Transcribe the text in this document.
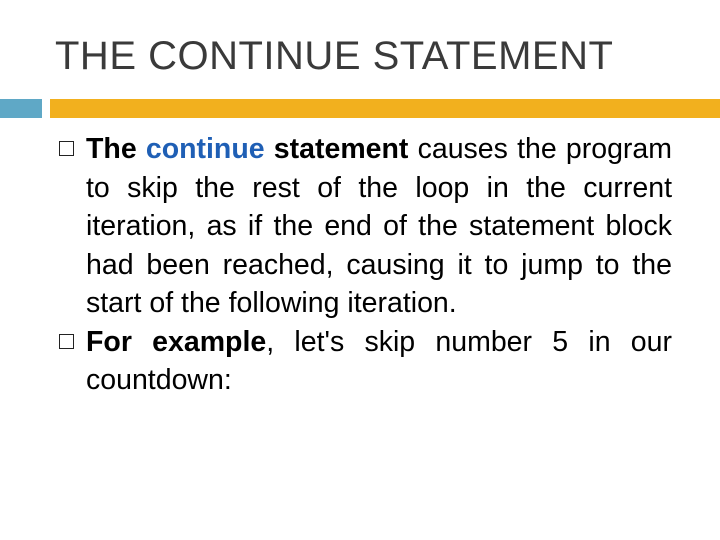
THE CONTINUE STATEMENT
The continue statement causes the program to skip the rest of the loop in the current iteration, as if the end of the statement block had been reached, causing it to jump to the start of the following iteration.
For example, let's skip number 5 in our countdown:
